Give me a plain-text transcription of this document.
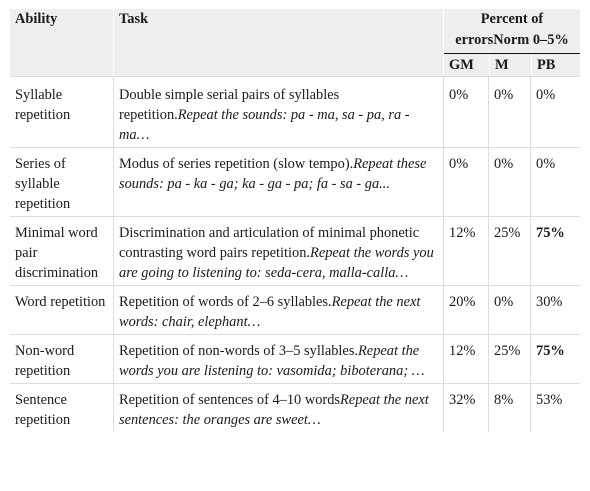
Ability	Task	Percent of
errorsNorm 0–5%		
		GM	M	PB
Syllable repetition	Double simple serial pairs of syllables repetition.Repeat the sounds: pa - ma, sa - pa, ra - ma…	0%	0%	0%
Series of syllable repetition	Modus of series repetition (slow tempo).Repeat these sounds: pa - ka - ga; ka - ga - pa; fa - sa - ga...	0%	0%	0%
Minimal word pair discrimination	Discrimination and articulation of minimal phonetic contrasting word pairs repetition.Repeat the words you are going to listening to: seda-cera, malla-calla…	12%	25%	75%
Word repetition	Repetition of words of 2–6 syllables.Repeat the next words: chair, elephant…	20%	0%	30%
Non-word repetition	Repetition of non-words of 3–5 syllables.Repeat the words you are listening to: vasomida; biboterana; …	12%	25%	75%
Sentence repetition	Repetition of sentences of 4–10 wordsRepeat the next sentences: the oranges are sweet…	32%	8%	53%
